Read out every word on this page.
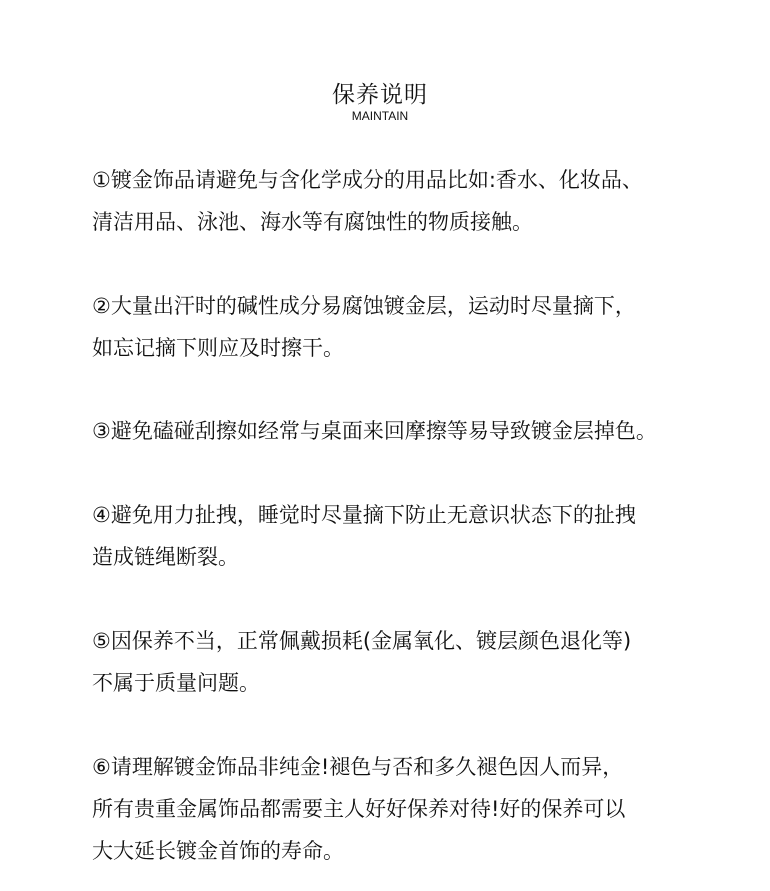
保养说明
MAINTAIN
①镀金饰品请避免与含化学成分的用品比如:香水、化妆品、
清洁用品、泳池、海水等有腐蚀性的物质接触。
②大量出汗时的碱性成分易腐蚀镀金层，运动时尽量摘下，
如忘记摘下则应及时擦干。
③避免磕碰刮擦如经常与桌面来回摩擦等易导致镀金层掉色。
④避免用力扯拽，睡觉时尽量摘下防止无意识状态下的扯拽
造成链绳断裂。
⑤因保养不当，正常佩戴损耗(金属氧化、镀层颜色退化等)
不属于质量问题。
⑥请理解镀金饰品非纯金!褪色与否和多久褪色因人而异，
所有贵重金属饰品都需要主人好好保养对待!好的保养可以
大大延长镀金首饰的寿命。
